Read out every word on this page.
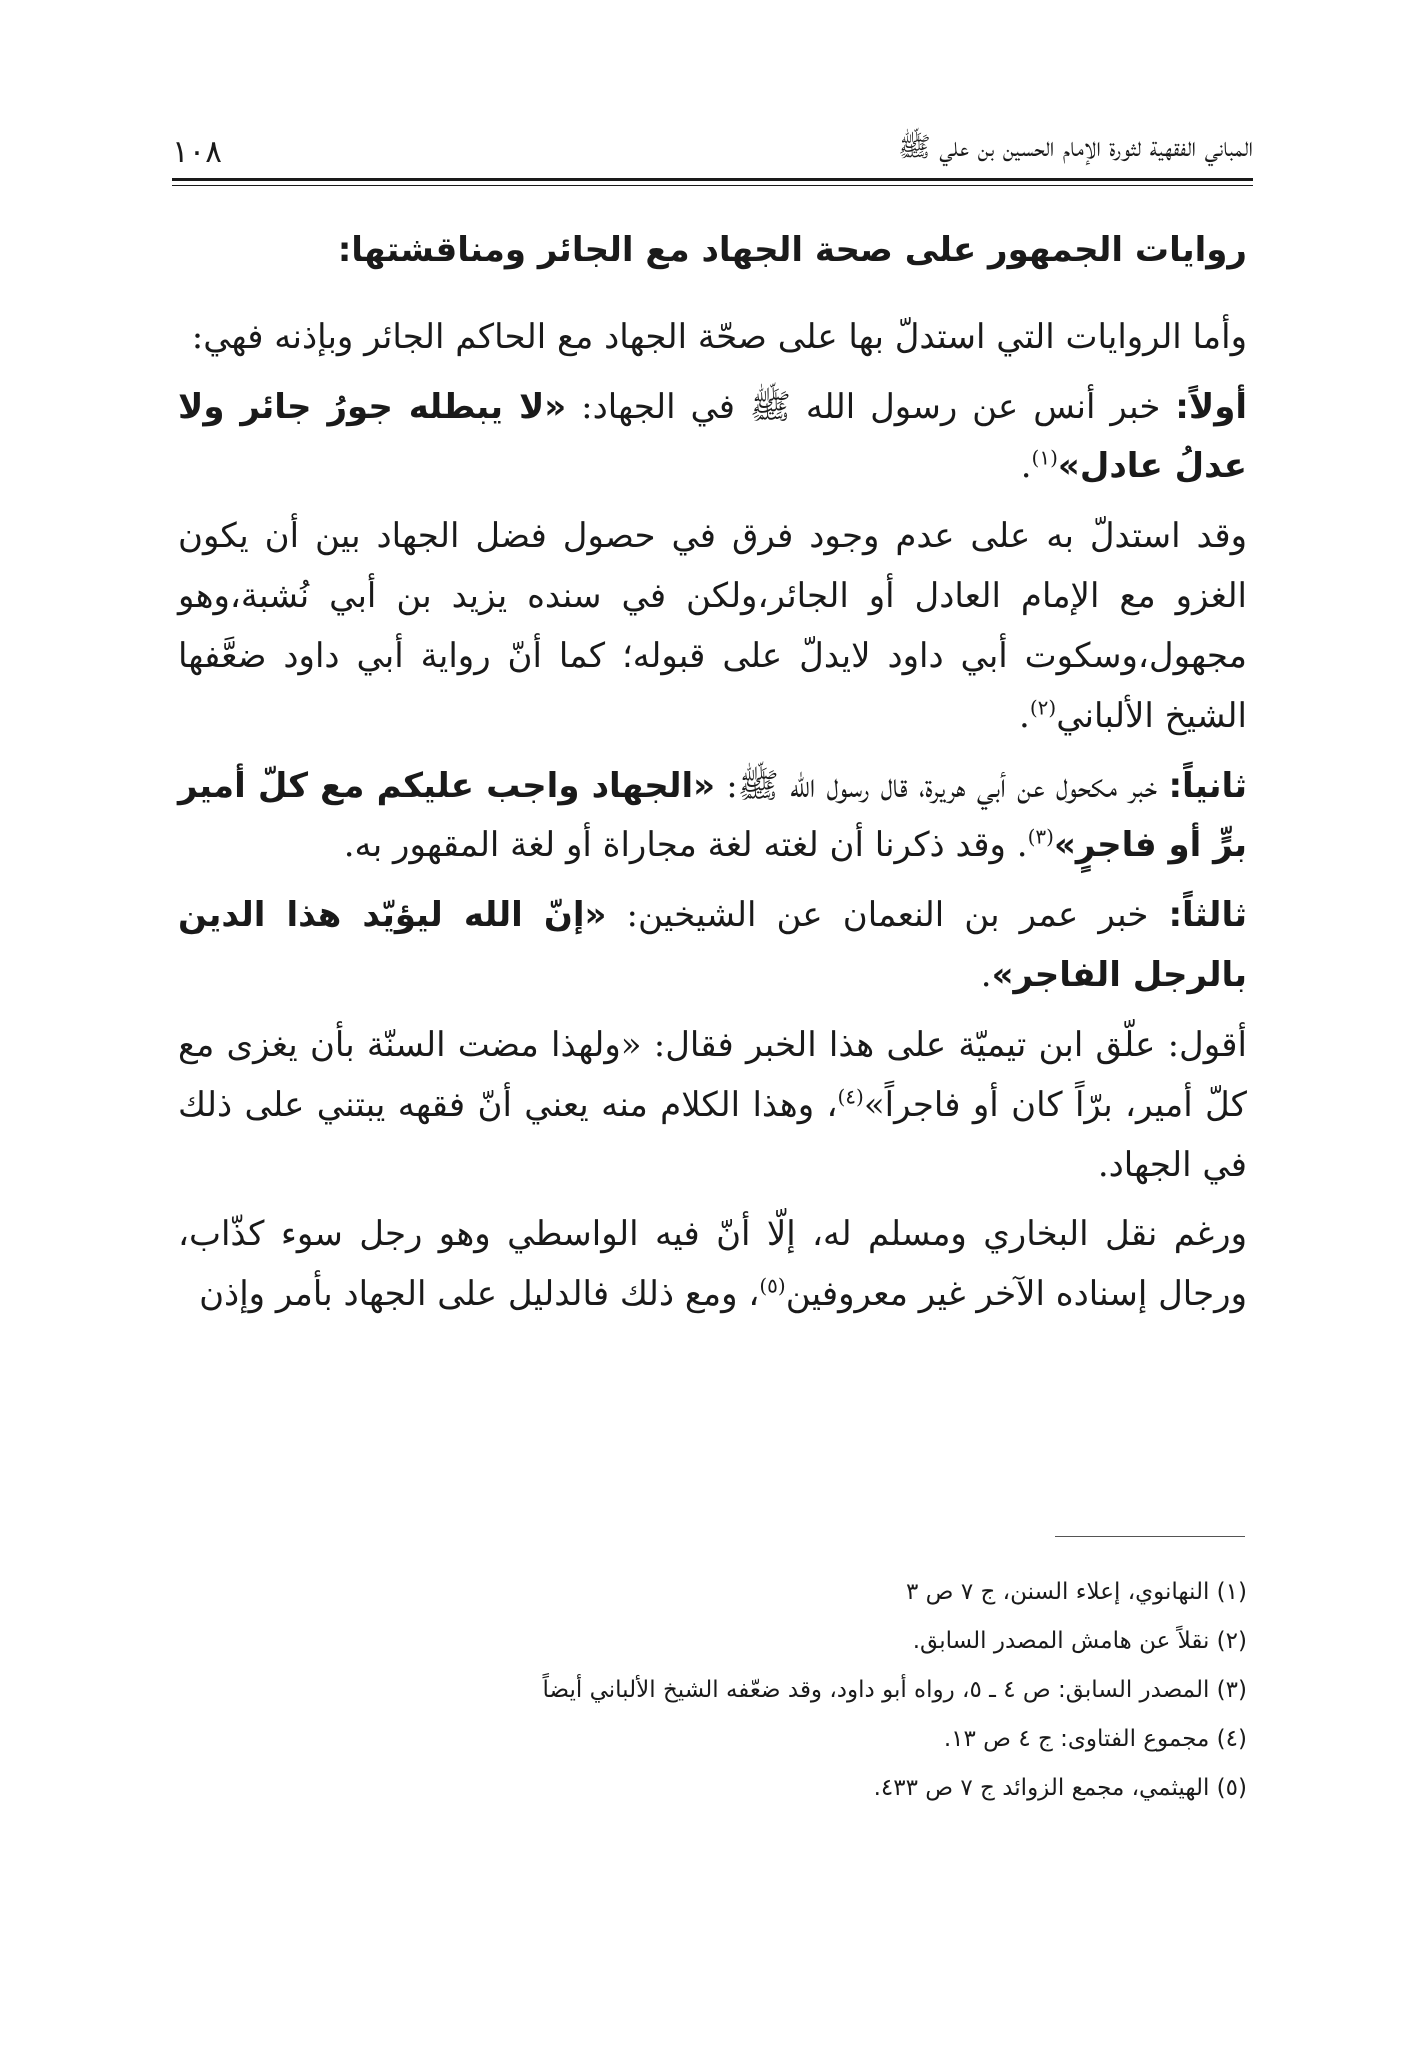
المباني الفقهية لثورة الإمام الحسين بن علي ﷺ
١٠٨

روايات الجمهور على صحة الجهاد مع الجائر ومناقشتها:

وأما الروايات التي استدلّ بها على صحّة الجهاد مع الحاكم الجائر وبإذنه فهي:

أولاً: خبر أنس عن رسول الله ﷺ في الجهاد: «لا يبطله جورُ جائر ولا عدلُ عادل»$^{(١)}$.

وقد استدلّ به على عدم وجود فرق في حصول فضل الجهاد بين أن يكون الغزو مع الإمام العادل أو الجائر،ولكن في سنده يزيد بن أبي نُشبة،وهو مجهول،وسكوت أبي داود لايدلّ على قبوله؛ كما أنّ رواية أبي داود ضعَّفها الشيخ الألباني$^{(٢)}$.

ثانياً: خبر مكحول عن أبي هريرة، قال رسول الله ﷺ: «الجهاد واجب عليكم مع كلّ أمير برٍّ أو فاجرٍ»$^{(٣)}$. وقد ذكرنا أن لغته لغة مجاراة أو لغة المقهور به.

ثالثاً: خبر عمر بن النعمان عن الشيخين: «إنّ الله ليؤيّد هذا الدين بالرجل الفاجر».

أقول: علّق ابن تيميّة على هذا الخبر فقال: «ولهذا مضت السنّة بأن يغزى مع كلّ أمير، برّاً كان أو فاجراً»$^{(٤)}$، وهذا الكلام منه يعني أنّ فقهه يبتني على ذلك في الجهاد.

ورغم نقل البخاري ومسلم له، إلّا أنّ فيه الواسطي وهو رجل سوء كذّاب، ورجال إسناده الآخر غير معروفين$^{(٥)}$، ومع ذلك فالدليل على الجهاد بأمر وإذن

(١) النهانوي، إعلاء السنن، ج ٧ ص ٣

(٢) نقلاً عن هامش المصدر السابق.

(٣) المصدر السابق: ص ٤ ـ ٥، رواه أبو داود، وقد ضعّفه الشيخ الألباني أيضاً

(٤) مجموع الفتاوى: ج ٤ ص ١٣.

(٥) الهيثمي، مجمع الزوائد ج ٧ ص ٤٣٣.
